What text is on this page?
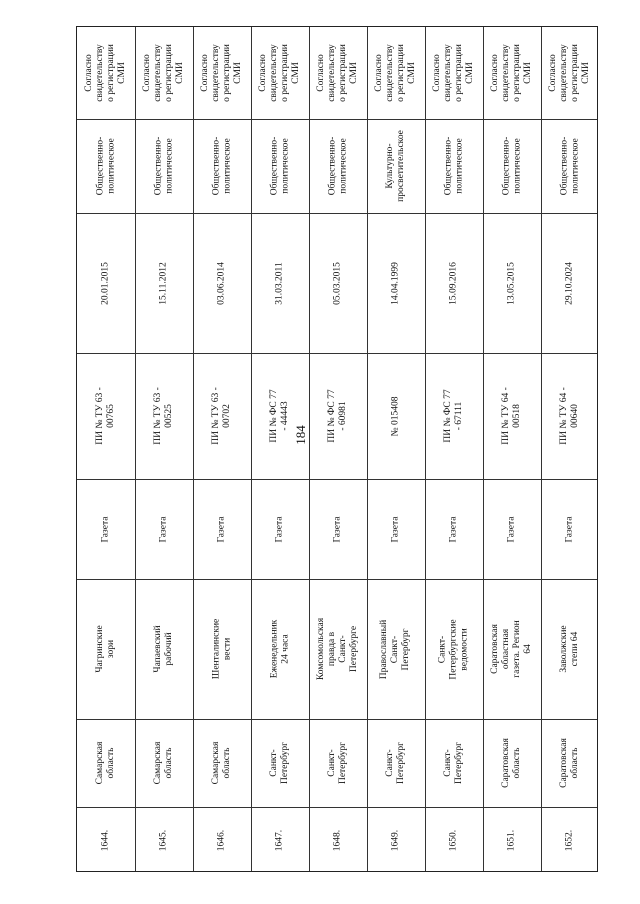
184
1644.
Самарская область
Чагринские зори
Газета
ПИ № ТУ 63 - 00765
20.01.2015
Общественно-политическое
Согласно свидетельству о регистрации СМИ
1645.
Самарская область
Чапаевский рабочий
Газета
ПИ № ТУ 63 - 00525
15.11.2012
Общественно-политическое
Согласно свидетельству о регистрации СМИ
1646.
Самарская область
Шенталинские вести
Газета
ПИ № ТУ 63 - 00702
03.06.2014
Общественно-политическое
Согласно свидетельству о регистрации СМИ
1647.
Санкт-Петербург
Еженедельник 24 часа
Газета
ПИ № ФС 77 - 44443
31.03.2011
Общественно-политическое
Согласно свидетельству о регистрации СМИ
1648.
Санкт-Петербург
Комсомольская правда в Санкт-Петербурге
Газета
ПИ № ФС 77 - 60981
05.03.2015
Общественно-политическое
Согласно свидетельству о регистрации СМИ
1649.
Санкт-Петербург
Православный Санкт-Петербург
Газета
№ 015408
14.04.1999
Культурно-просветительское
Согласно свидетельству о регистрации СМИ
1650.
Санкт-Петербург
Санкт-Петербургские ведомости
Газета
ПИ № ФС 77 - 67111
15.09.2016
Общественно-политическое
Согласно свидетельству о регистрации СМИ
1651.
Саратовская область
Саратовская областная газета. Регион 64
Газета
ПИ № ТУ 64 - 00518
13.05.2015
Общественно-политическое
Согласно свидетельству о регистрации СМИ
1652.
Саратовская область
Заволжские степи 64
Газета
ПИ № ТУ 64 - 00640
29.10.2024
Общественно-политическое
Согласно свидетельству о регистрации СМИ
